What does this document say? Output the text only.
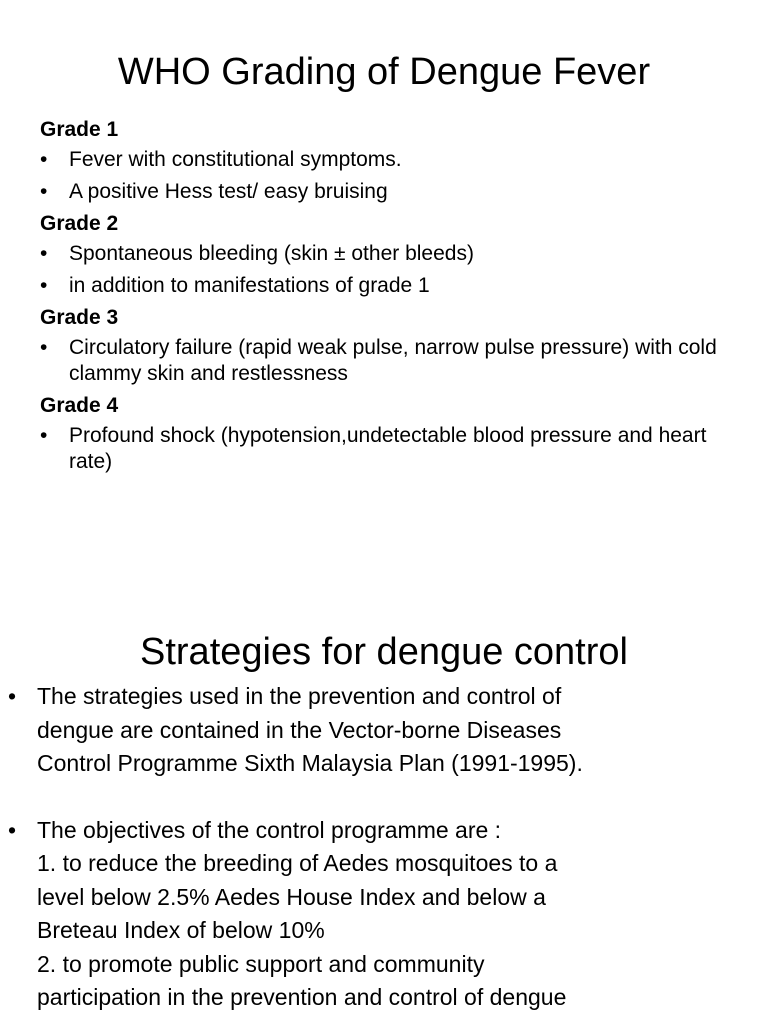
WHO Grading of Dengue Fever
Grade 1
• Fever with constitutional symptoms.
• A positive Hess test/ easy bruising
Grade 2
• Spontaneous bleeding (skin ± other bleeds)
• in addition to manifestations of grade 1
Grade 3
• Circulatory failure (rapid weak pulse, narrow pulse pressure) with cold clammy skin and restlessness
Grade 4
• Profound shock (hypotension,undetectable blood pressure and heart rate)
Strategies for dengue control
• The strategies used in the prevention and control of
dengue are contained in the Vector-borne Diseases
Control Programme Sixth Malaysia Plan (1991-1995).
• The objectives of the control programme are :
1. to reduce the breeding of Aedes mosquitoes to a
level below 2.5% Aedes House Index and below a
Breteau Index of below 10%
2. to promote public support and community
participation in the prevention and control of dengue
